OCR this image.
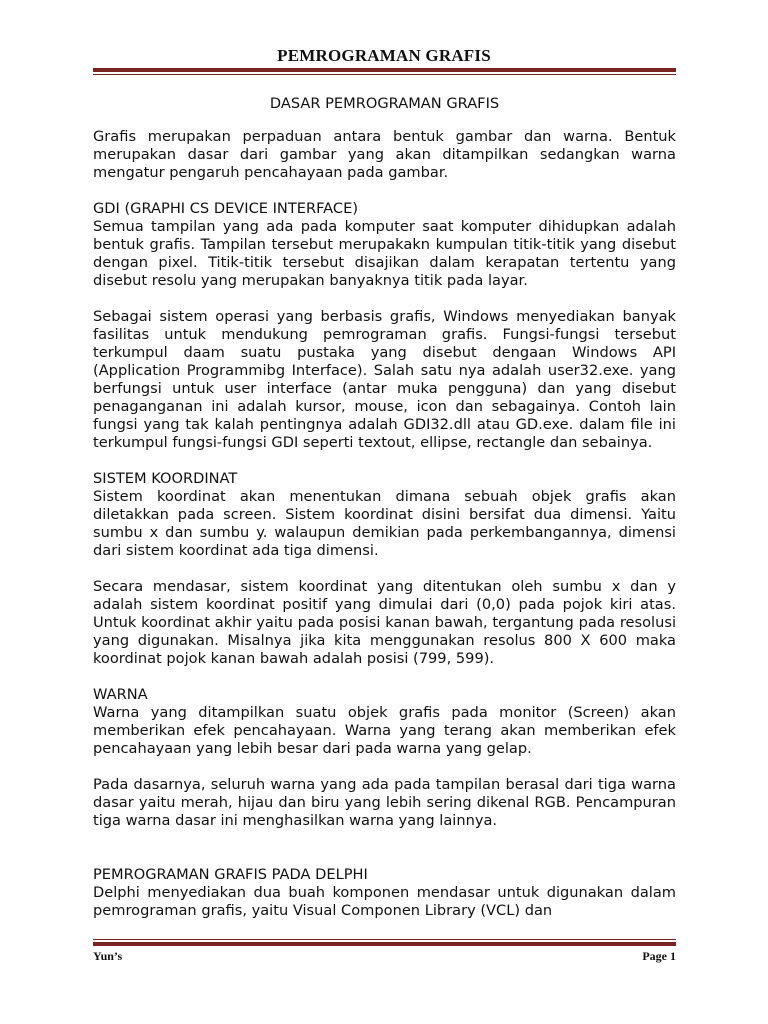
PEMROGRAMAN GRAFIS
DASAR PEMROGRAMAN GRAFIS

Grafis merupakan perpaduan antara bentuk gambar dan warna. Bentuk merupakan dasar dari gambar yang akan ditampilkan sedangkan warna mengatur pengaruh pencahayaan pada gambar.

GDI (GRAPHI CS DEVICE INTERFACE)

Semua tampilan yang ada pada komputer saat komputer dihidupkan adalah bentuk grafis. Tampilan tersebut merupakakn kumpulan titik-titik yang disebut dengan pixel. Titik-titik tersebut disajikan dalam kerapatan tertentu yang disebut resolu yang merupakan banyaknya titik pada layar.

Sebagai sistem operasi yang berbasis grafis, Windows menyediakan banyak fasilitas untuk mendukung pemrograman grafis. Fungsi-fungsi tersebut terkumpul daam suatu pustaka yang disebut dengaan Windows API (Application Programmibg Interface). Salah satu nya adalah user32.exe. yang berfungsi untuk user interface (antar muka pengguna) dan yang disebut penaganganan ini adalah kursor, mouse, icon dan sebagainya. Contoh lain fungsi yang tak kalah pentingnya adalah GDI32.dll atau GD.exe. dalam file ini terkumpul fungsi-fungsi GDI seperti textout, ellipse, rectangle dan sebainya.

SISTEM KOORDINAT

Sistem koordinat akan menentukan dimana sebuah objek grafis akan diletakkan pada screen. Sistem koordinat disini bersifat dua dimensi. Yaitu sumbu x dan sumbu y. walaupun demikian pada perkembangannya, dimensi dari sistem koordinat ada tiga dimensi.

Secara mendasar, sistem koordinat yang ditentukan oleh sumbu x dan y adalah sistem koordinat positif yang dimulai dari (0,0) pada pojok kiri atas. Untuk koordinat akhir yaitu pada posisi kanan bawah, tergantung pada resolusi yang digunakan. Misalnya jika kita menggunakan resolus 800 X 600 maka koordinat pojok kanan bawah adalah posisi (799, 599).

WARNA

Warna yang ditampilkan suatu objek grafis pada monitor (Screen) akan memberikan efek pencahayaan. Warna yang terang akan memberikan efek pencahayaan yang lebih besar dari pada warna yang gelap.

Pada dasarnya, seluruh warna yang ada pada tampilan berasal dari tiga warna dasar yaitu merah, hijau dan biru yang lebih sering dikenal RGB. Pencampuran tiga warna dasar ini menghasilkan warna yang lainnya.

PEMROGRAMAN GRAFIS PADA DELPHI

Delphi menyediakan dua buah komponen mendasar untuk digunakan dalam pemrograman grafis, yaitu Visual Componen Library (VCL) dan

Yun’s	Page 1
